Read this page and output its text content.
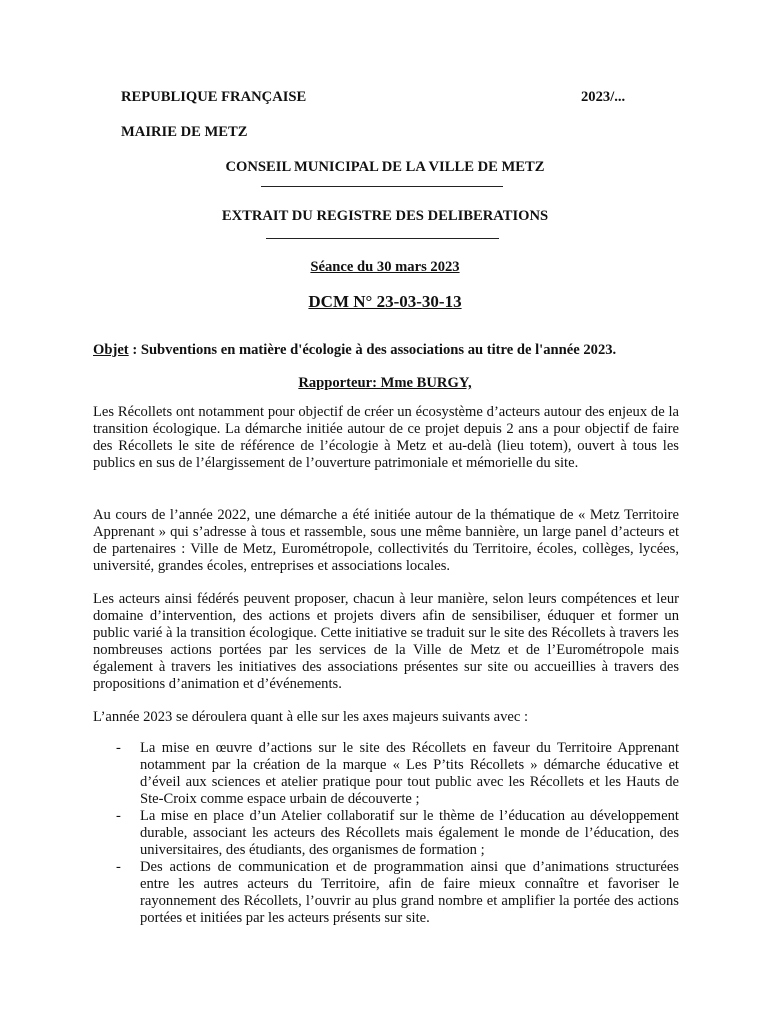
REPUBLIQUE FRANÇAISE	2023/...
MAIRIE DE METZ
CONSEIL MUNICIPAL DE LA VILLE DE METZ
EXTRAIT DU REGISTRE DES DELIBERATIONS
Séance du 30 mars 2023
DCM N° 23-03-30-13
Objet : Subventions en matière d'écologie à des associations au titre de l'année 2023.
Rapporteur: Mme BURGY,
Les Récollets ont notamment pour objectif de créer un écosystème d’acteurs autour des enjeux de la transition écologique. La démarche initiée autour de ce projet depuis 2 ans a pour objectif de faire des Récollets le site de référence de l’écologie à Metz et au-delà (lieu totem), ouvert à tous les publics en sus de l’élargissement de l’ouverture patrimoniale et mémorielle du site.
Au cours de l’année 2022, une démarche a été initiée autour de la thématique de « Metz Territoire Apprenant » qui s’adresse à tous et rassemble, sous une même bannière, un large panel d’acteurs et de partenaires : Ville de Metz, Eurométropole, collectivités du Territoire, écoles, collèges, lycées, université, grandes écoles, entreprises et associations locales.
Les acteurs ainsi fédérés peuvent proposer, chacun à leur manière, selon leurs compétences et leur domaine d’intervention, des actions et projets divers afin de sensibiliser, éduquer et former un public varié à la transition écologique. Cette initiative se traduit sur le site des Récollets à travers les nombreuses actions portées par les services de la Ville de Metz et de l’Eurométropole mais également à travers les initiatives des associations présentes sur site ou accueillies à travers des propositions d’animation et d’événements.
L’année 2023 se déroulera quant à elle sur les axes majeurs suivants avec :
- La mise en œuvre d’actions sur le site des Récollets en faveur du Territoire Apprenant notamment par la création de la marque « Les P’tits Récollets » démarche éducative et d’éveil aux sciences et atelier pratique pour tout public avec les Récollets et les Hauts de Ste-Croix comme espace urbain de découverte ;
- La mise en place d’un Atelier collaboratif sur le thème de l’éducation au développement durable, associant les acteurs des Récollets mais également le monde de l’éducation, des universitaires, des étudiants, des organismes de formation ;
- Des actions de communication et de programmation ainsi que d’animations structurées entre les autres acteurs du Territoire, afin de faire mieux connaître et favoriser le rayonnement des Récollets, l’ouvrir au plus grand nombre et amplifier la portée des actions portées et initiées par les acteurs présents sur site.
